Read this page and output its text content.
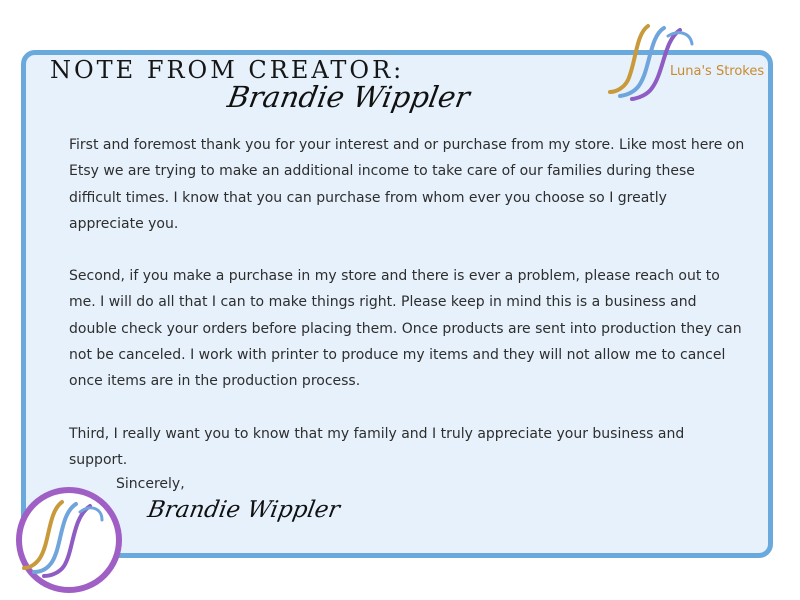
NOTE FROM CREATOR:
Brandie Wippler
Luna's Strokes

First and foremost thank you for your interest and or purchase from my store. Like most here on Etsy we are trying to make an additional income to take care of our families during these difficult times. I know that you can purchase from whom ever you choose so I greatly appreciate you.

Second, if you make a purchase in my store and there is ever a problem, please reach out to me. I will do all that I can to make things right. Please keep in mind this is a business and double check your orders before placing them. Once products are sent into production they can not be canceled. I work with printer to produce my items and they will not allow me to cancel once items are in the production process.

Third, I really want you to know that my family and I truly appreciate your business and support.

Sincerely,
Brandie Wippler
